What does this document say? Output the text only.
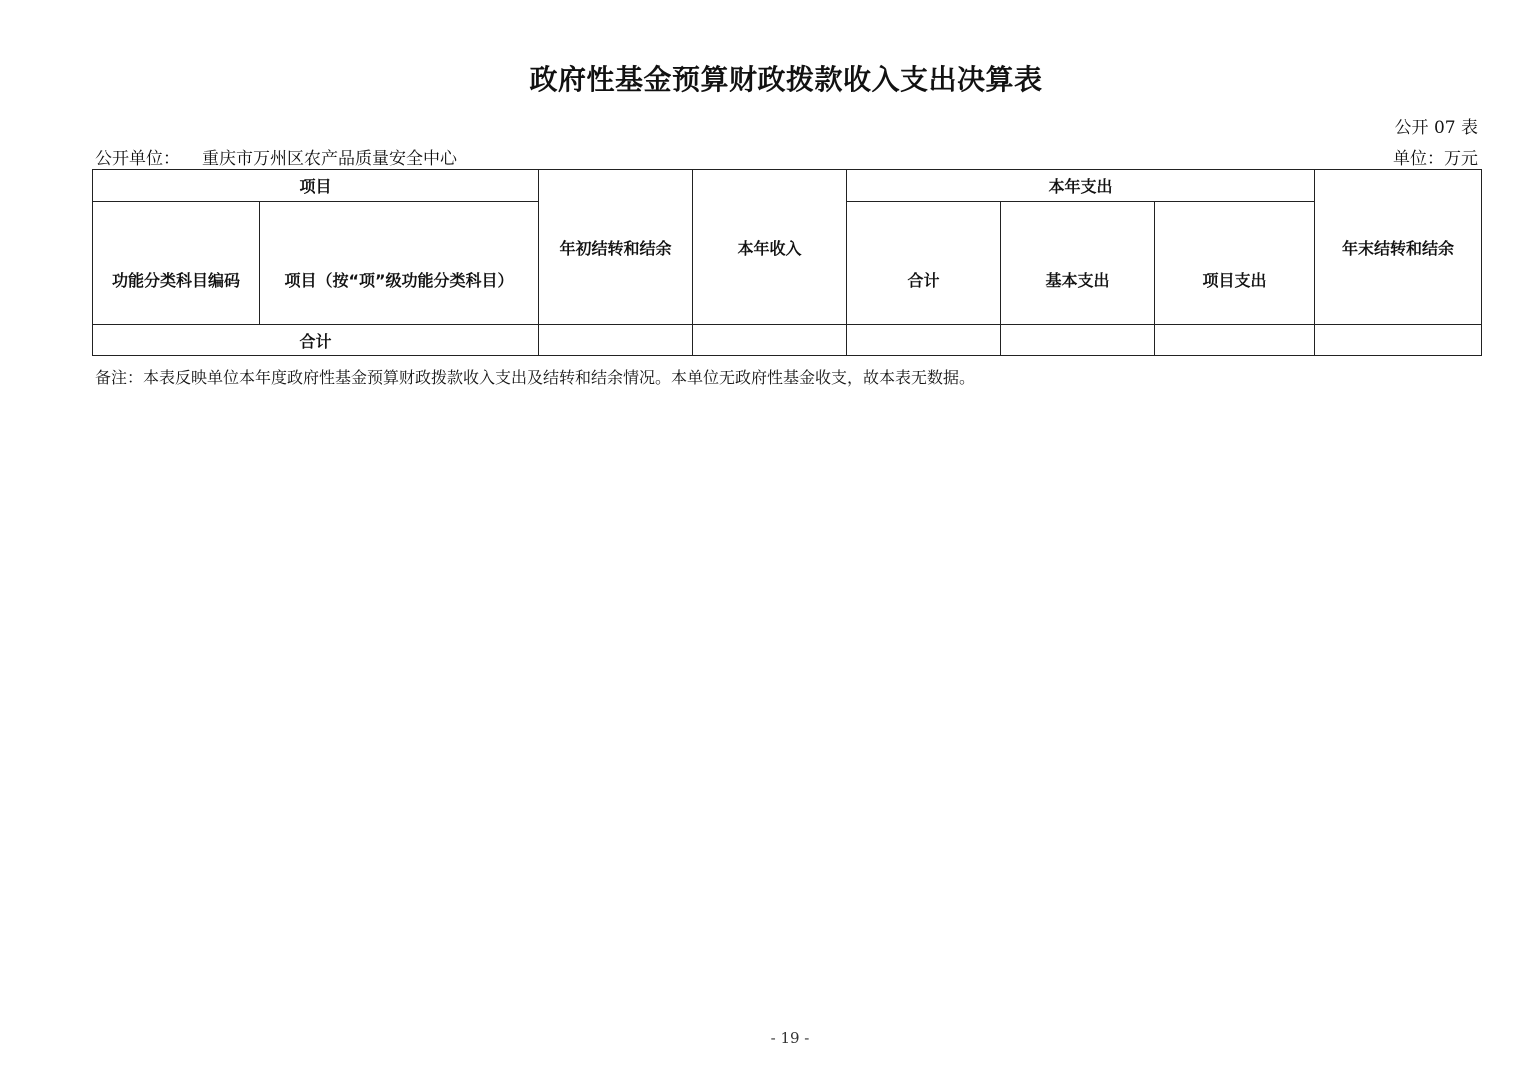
政府性基金预算财政拨款收入支出决算表
公开 07 表
公开单位： 重庆市万州区农产品质量安全中心	单位：万元
项目		年初结转和结余	本年收入	本年支出			年末结转和结余
功能分类科目编码	项目（按“项”级功能分类科目）			合计	基本支出	项目支出	
合计							
备注：本表反映单位本年度政府性基金预算财政拨款收入支出及结转和结余情况。本单位无政府性基金收支，故本表无数据。
- 19 -
